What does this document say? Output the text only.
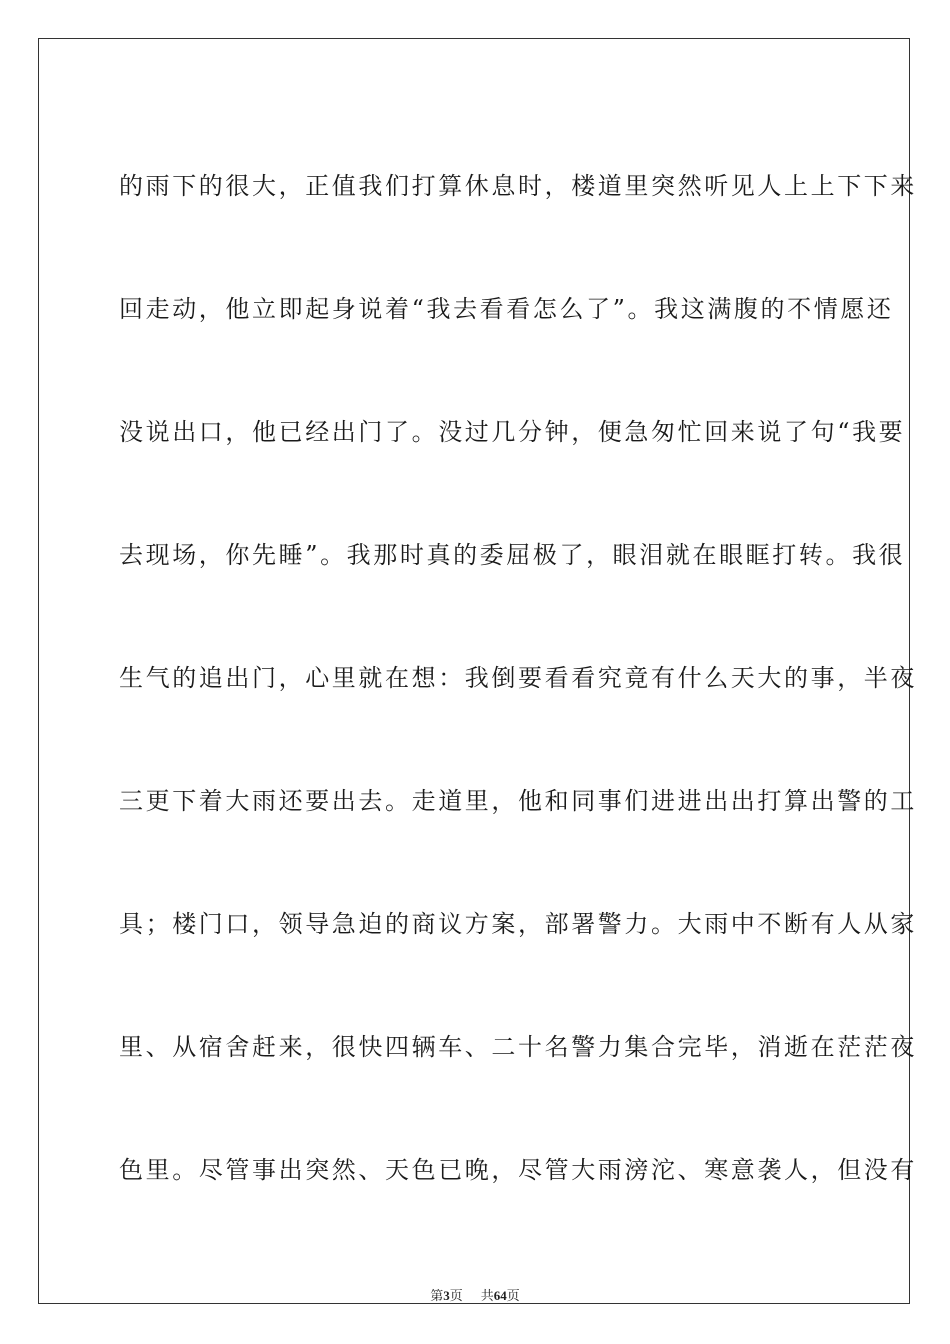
的雨下的很大，正值我们打算休息时，楼道里突然听见人上上下下来
回走动，他立即起身说着“我去看看怎么了”。我这满腹的不情愿还
没说出口，他已经出门了。没过几分钟，便急匆忙回来说了句“我要
去现场，你先睡”。我那时真的委屈极了，眼泪就在眼眶打转。我很
生气的追出门，心里就在想：我倒要看看究竟有什么天大的事，半夜
三更下着大雨还要出去。走道里，他和同事们进进出出打算出警的工
具；楼门口，领导急迫的商议方案，部署警力。大雨中不断有人从家
里、从宿舍赶来，很快四辆车、二十名警力集合完毕，消逝在茫茫夜
色里。尽管事出突然、天色已晚，尽管大雨滂沱、寒意袭人，但没有
第3页 共64页
